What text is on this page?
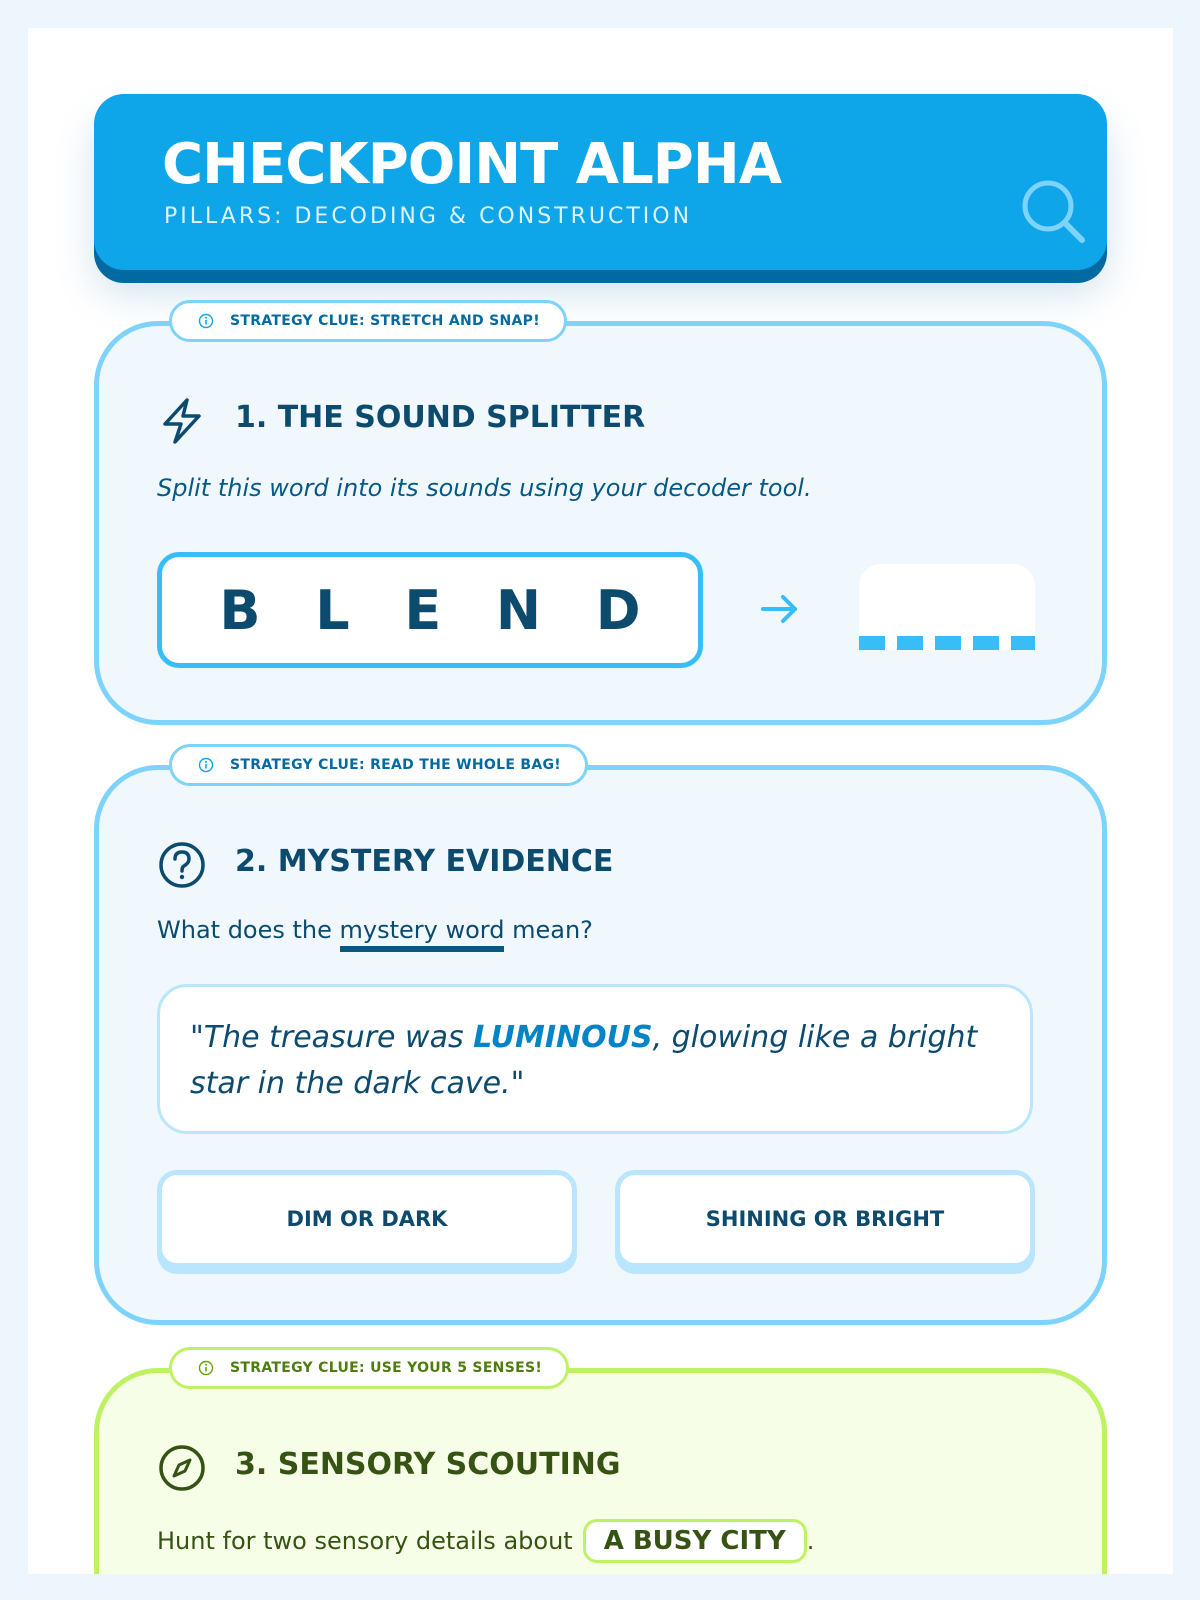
CHECKPOINT ALPHA
PILLARS: DECODING & CONSTRUCTION
STRATEGY CLUE: STRETCH AND SNAP!
1. THE SOUND SPLITTER
Split this word into its sounds using your decoder tool.
B L E N D
STRATEGY CLUE: READ THE WHOLE BAG!
2. MYSTERY EVIDENCE
What does the mystery word mean?
"The treasure was LUMINOUS, glowing like a bright star in the dark cave."
DIM OR DARK	SHINING OR BRIGHT
STRATEGY CLUE: USE YOUR 5 SENSES!
3. SENSORY SCOUTING
Hunt for two sensory details about	A BUSY CITY .
